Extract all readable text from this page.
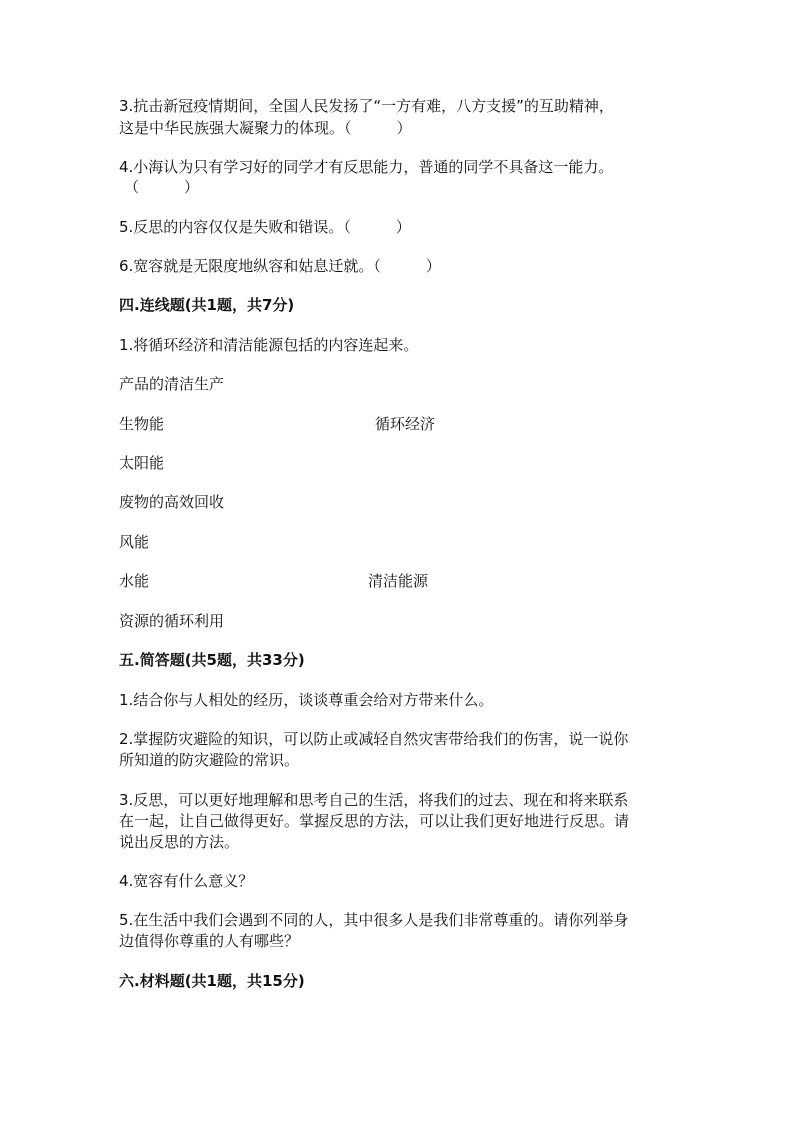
3.抗击新冠疫情期间，全国人民发扬了“一方有难，八方支援”的互助精神，
这是中华民族强大凝聚力的体现。（　　　）
4.小海认为只有学习好的同学才有反思能力，普通的同学不具备这一能力。
（　　　）
5.反思的内容仅仅是失败和错误。（　　　）
6.宽容就是无限度地纵容和姑息迁就。（　　　）
四.连线题(共1题，共7分)
1.将循环经济和清洁能源包括的内容连起来。
产品的清洁生产
生物能	循环经济
太阳能
废物的高效回收
风能
水能	清洁能源
资源的循环利用
五.简答题(共5题，共33分)
1.结合你与人相处的经历，谈谈尊重会给对方带来什么。
2.掌握防灾避险的知识，可以防止或减轻自然灾害带给我们的伤害，说一说你
所知道的防灾避险的常识。
3.反思，可以更好地理解和思考自己的生活，将我们的过去、现在和将来联系
在一起，让自己做得更好。掌握反思的方法，可以让我们更好地进行反思。请
说出反思的方法。
4.宽容有什么意义？
5.在生活中我们会遇到不同的人，其中很多人是我们非常尊重的。请你列举身
边值得你尊重的人有哪些？
六.材料题(共1题，共15分)
